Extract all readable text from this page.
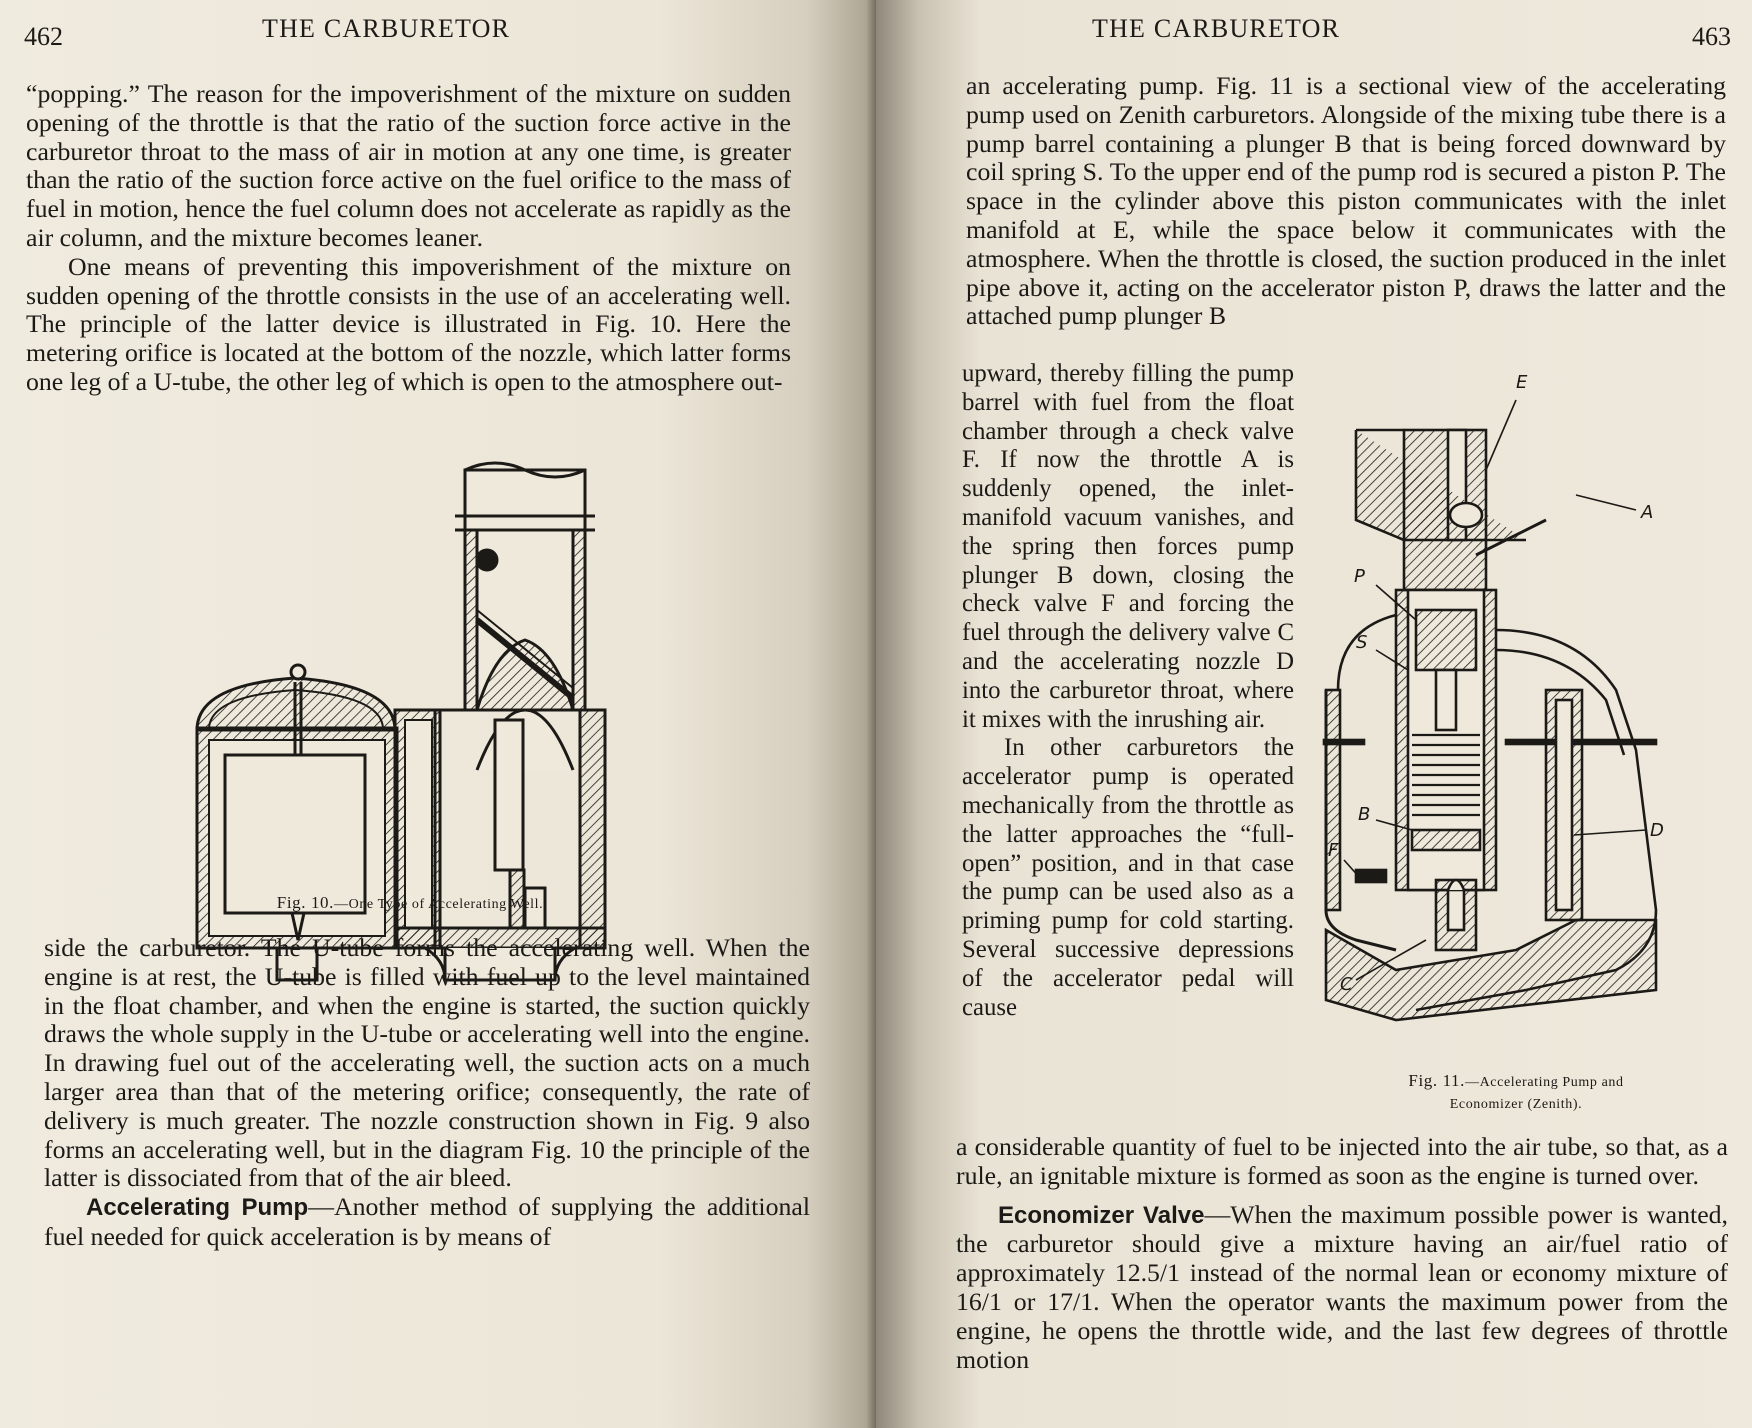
462	THE CARBURETOR

“popping.” The reason for the impoverishment of the mixture on sudden opening of the throttle is that the ratio of the suction force active in the carburetor throat to the mass of air in motion at any one time, is greater than the ratio of the suction force active on the fuel orifice to the mass of fuel in motion, hence the fuel column does not accelerate as rapidly as the air column, and the mixture becomes leaner.

One means of preventing this impoverishment of the mixture on sudden opening of the throttle consists in the use of an accelerating well. The principle of the latter device is illustrated in Fig. 10. Here the metering orifice is located at the bottom of the nozzle, which latter forms one leg of a U-tube, the other leg of which is open to the atmosphere out-

Fig. 10.—One Type of Accelerating Well.

side the carburetor. The U-tube forms the accelerating well. When the engine is at rest, the U-tube is filled with fuel up to the level maintained in the float chamber, and when the engine is started, the suction quickly draws the whole supply in the U-tube or accelerating well into the engine. In drawing fuel out of the accelerating well, the suction acts on a much larger area than that of the metering orifice; consequently, the rate of delivery is much greater. The nozzle construction shown in Fig. 9 also forms an accelerating well, but in the diagram Fig. 10 the principle of the latter is dissociated from that of the air bleed.

Accelerating Pump—Another method of supplying the additional fuel needed for quick acceleration is by means of

THE CARBURETOR	463

an accelerating pump. Fig. 11 is a sectional view of the accelerating pump used on Zenith carburetors. Alongside of the mixing tube there is a pump barrel containing a plunger B that is being forced downward by coil spring S. To the upper end of the pump rod is secured a piston P. The space in the cylinder above this piston communicates with the inlet manifold at E, while the space below it communicates with the atmosphere. When the throttle is closed, the suction produced in the inlet pipe above it, acting on the accelerator piston P, draws the latter and the attached pump plunger B

upward, thereby filling the pump barrel with fuel from the float chamber through a check valve F. If now the throttle A is suddenly opened, the inlet-manifold vacuum vanishes, and the spring then forces pump plunger B down, closing the check valve F and forcing the fuel through the delivery valve C and the accelerating nozzle D into the carburetor throat, where it mixes with the inrushing air.

In other carburetors the accelerator pump is operated mechanically from the throttle as the latter approaches the “full-open” position, and in that case the pump can be used also as a priming pump for cold starting. Several successive depressions of the accelerator pedal will cause

E
A
P
S
B
F
C
D
Fig. 11.—Accelerating Pump and
Economizer (Zenith).

a considerable quantity of fuel to be injected into the air tube, so that, as a rule, an ignitable mixture is formed as soon as the engine is turned over.

Economizer Valve—When the maximum possible power is wanted, the carburetor should give a mixture having an air/fuel ratio of approximately 12.5/1 instead of the normal lean or economy mixture of 16/1 or 17/1. When the operator wants the maximum power from the engine, he opens the throttle wide, and the last few degrees of throttle motion
